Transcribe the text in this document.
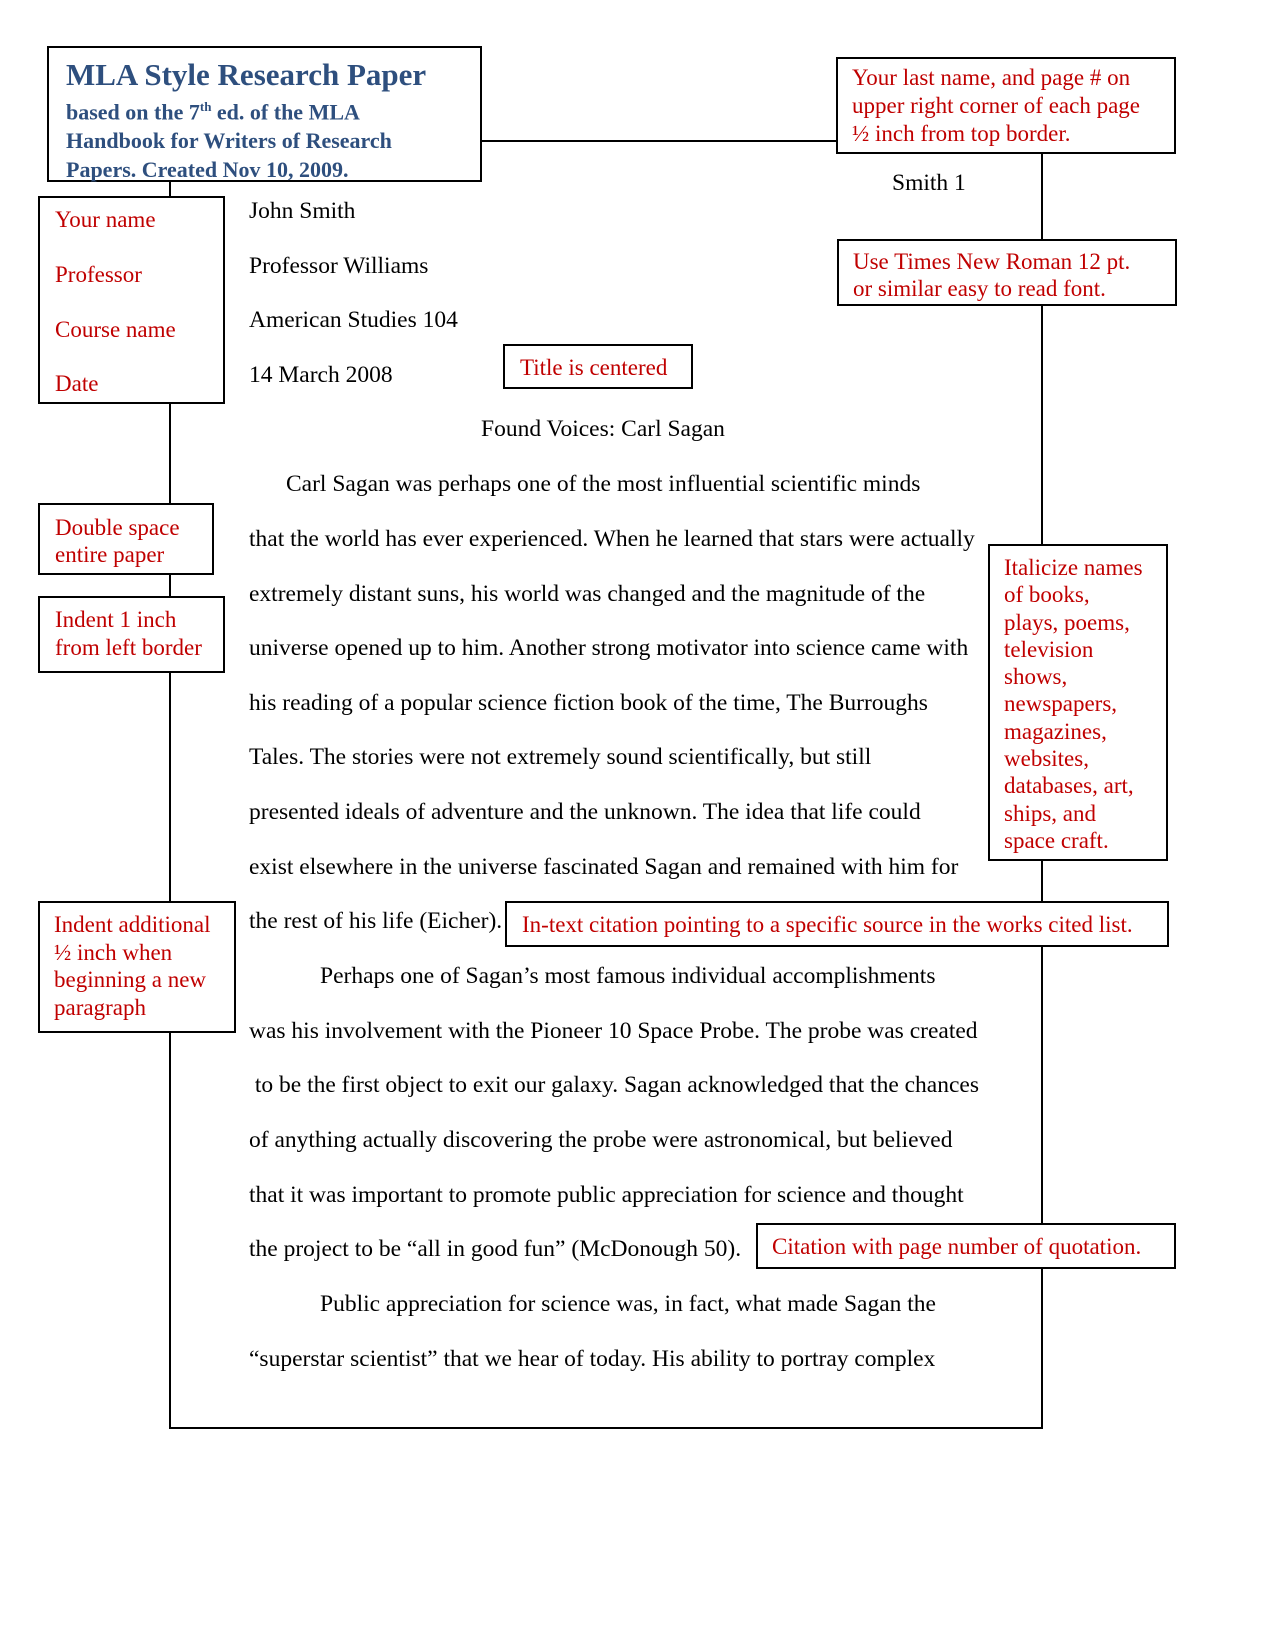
MLA Style Research Paper
based on the 7th ed. of the MLA
Handbook for Writers of Research
Papers. Created Nov 10, 2009.
Your last name, and page # on
upper right corner of each page
½ inch from top border.
Smith 1
Use Times New Roman 12 pt.
or similar easy to read font.
Your name
Professor
Course name
Date
Title is centered
Double space
entire paper
Indent 1 inch
from left border
Italicize names
of books,
plays, poems,
television
shows,
newspapers,
magazines,
websites,
databases, art,
ships, and
space craft.
Indent additional
½ inch when
beginning a new
paragraph
In-text citation pointing to a specific source in the works cited list.
Citation with page number of quotation.
John Smith
Professor Williams
American Studies 104
14 March 2008
Found Voices: Carl Sagan
Carl Sagan was perhaps one of the most influential scientific minds
that the world has ever experienced. When he learned that stars were actually
extremely distant suns, his world was changed and the magnitude of the
universe opened up to him. Another strong motivator into science came with
his reading of a popular science fiction book of the time, The Burroughs
Tales. The stories were not extremely sound scientifically, but still
presented ideals of adventure and the unknown. The idea that life could
exist elsewhere in the universe fascinated Sagan and remained with him for
the rest of his life (Eicher).
Perhaps one of Sagan’s most famous individual accomplishments
was his involvement with the Pioneer 10 Space Probe. The probe was created
to be the first object to exit our galaxy. Sagan acknowledged that the chances
of anything actually discovering the probe were astronomical, but believed
that it was important to promote public appreciation for science and thought
the project to be “all in good fun” (McDonough 50).
Public appreciation for science was, in fact, what made Sagan the
“superstar scientist” that we hear of today. His ability to portray complex
